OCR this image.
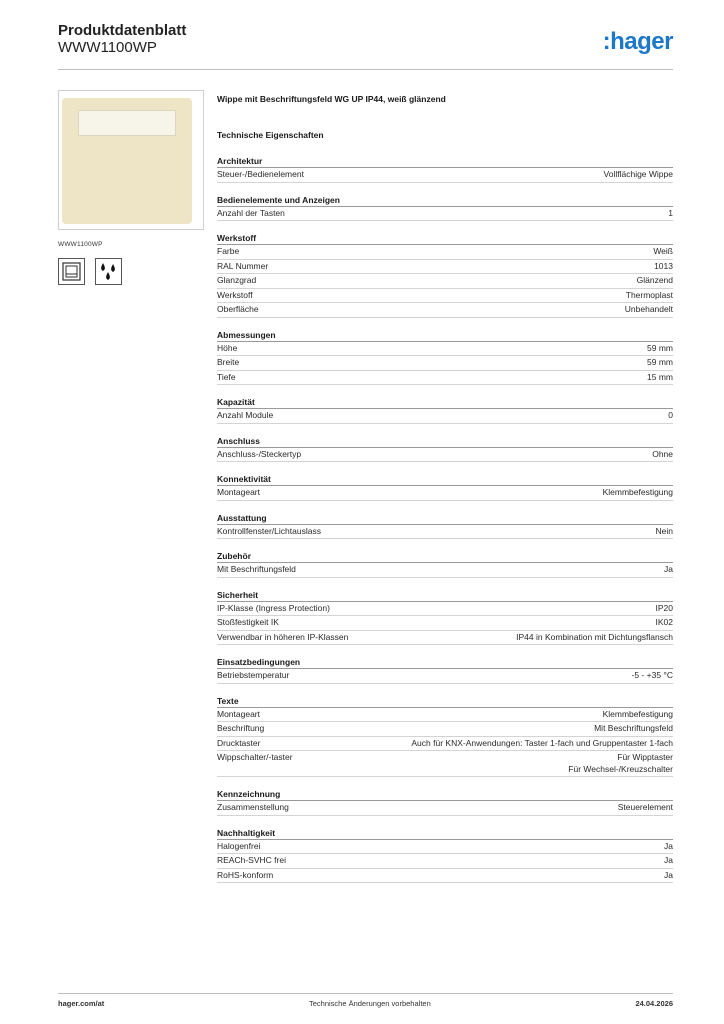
Produktdatenblatt
WWW1100WP	:hager
WWW1100WP
Wippe mit Beschriftungsfeld WG UP IP44, weiß glänzend
Technische Eigenschaften
Architektur
Steuer-/Bedienelement	Vollflächige Wippe
Bedienelemente und Anzeigen
Anzahl der Tasten	1
Werkstoff
Farbe	Weiß
RAL Nummer	1013
Glanzgrad	Glänzend
Werkstoff	Thermoplast
Oberfläche	Unbehandelt
Abmessungen
Höhe	59 mm
Breite	59 mm
Tiefe	15 mm
Kapazität
Anzahl Module	0
Anschluss
Anschluss-/Steckertyp	Ohne
Konnektivität
Montageart	Klemmbefestigung
Ausstattung
Kontrollfenster/Lichtauslass	Nein
Zubehör
Mit Beschriftungsfeld	Ja
Sicherheit
IP-Klasse (Ingress Protection)	IP20
Stoßfestigkeit IK	IK02
Verwendbar in höheren IP-Klassen	IP44 in Kombination mit Dichtungsflansch
Einsatzbedingungen
Betriebstemperatur	-5 - +35 °C
Texte
Montageart	Klemmbefestigung
Beschriftung	Mit Beschriftungsfeld
Drucktaster	Auch für KNX-Anwendungen: Taster 1-fach und Gruppentaster 1-fach
Wippschalter/-taster	Für Wipptaster
Für Wechsel-/Kreuzschalter
Kennzeichnung
Zusammenstellung	Steuerelement
Nachhaltigkeit
Halogenfrei	Ja
REACh-SVHC frei	Ja
RoHS-konform	Ja
hager.com/at	Technische Änderungen vorbehalten	24.04.2026
